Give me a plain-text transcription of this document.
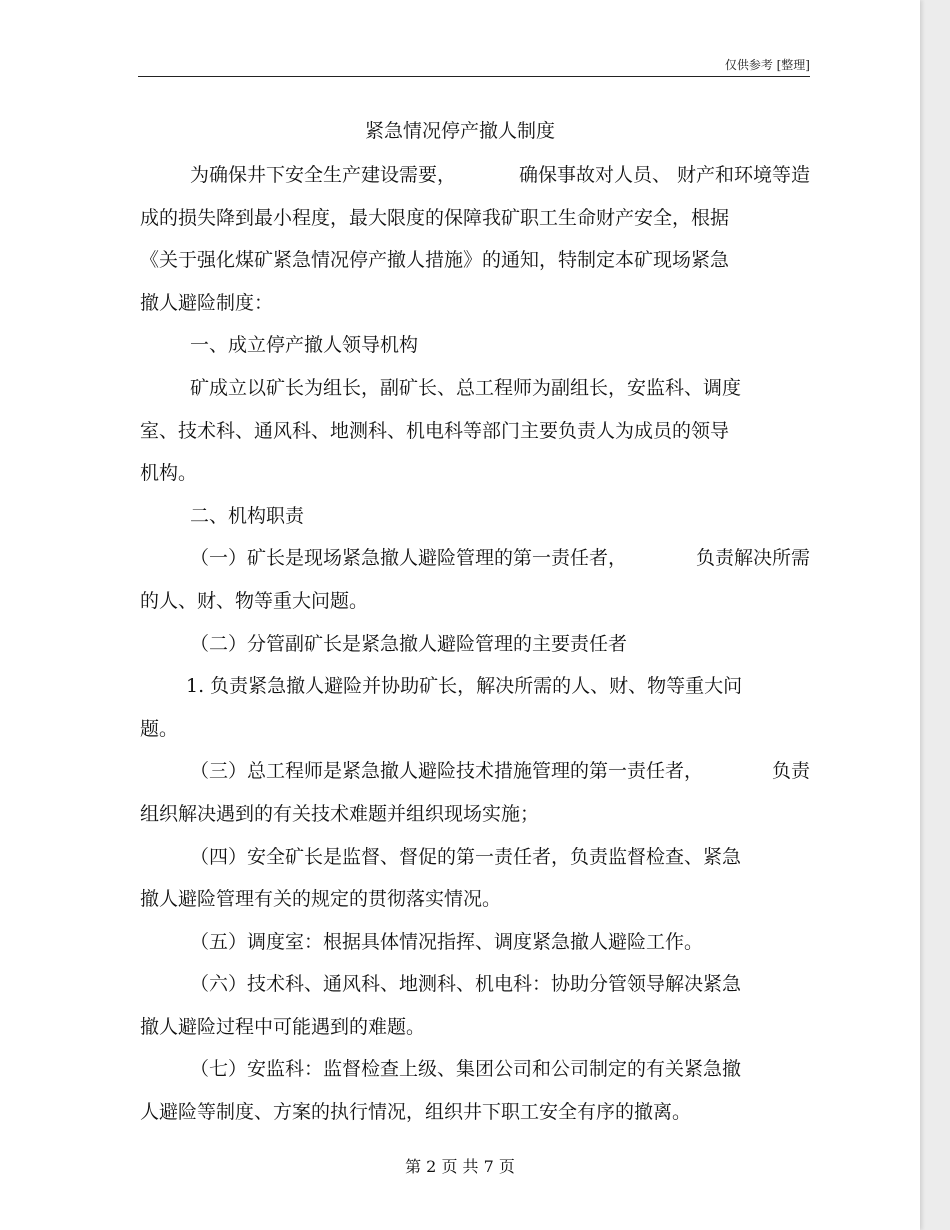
仅供参考 [整理]
紧急情况停产撤人制度
为确保井下安全生产建设需要，	确保事故对人员、 财产和环境等造
成的损失降到最小程度，最大限度的保障我矿职工生命财产安全，根据
《关于强化煤矿紧急情况停产撤人措施》的通知，特制定本矿现场紧急
撤人避险制度：
一、成立停产撤人领导机构
矿成立以矿长为组长，副矿长、总工程师为副组长，安监科、调度
室、技术科、通风科、地测科、机电科等部门主要负责人为成员的领导
机构。
二、机构职责
（一）矿长是现场紧急撤人避险管理的第一责任者，	负责解决所需
的人、财、物等重大问题。
（二）分管副矿长是紧急撤人避险管理的主要责任者
1. 负责紧急撤人避险并协助矿长，解决所需的人、财、物等重大问
题。
（三）总工程师是紧急撤人避险技术措施管理的第一责任者，	负责
组织解决遇到的有关技术难题并组织现场实施；
（四）安全矿长是监督、督促的第一责任者，负责监督检查、紧急
撤人避险管理有关的规定的贯彻落实情况。
（五）调度室：根据具体情况指挥、调度紧急撤人避险工作。
（六）技术科、通风科、地测科、机电科：协助分管领导解决紧急
撤人避险过程中可能遇到的难题。
（七）安监科：监督检查上级、集团公司和公司制定的有关紧急撤
人避险等制度、方案的执行情况，组织井下职工安全有序的撤离。
第 2 页 共 7 页
